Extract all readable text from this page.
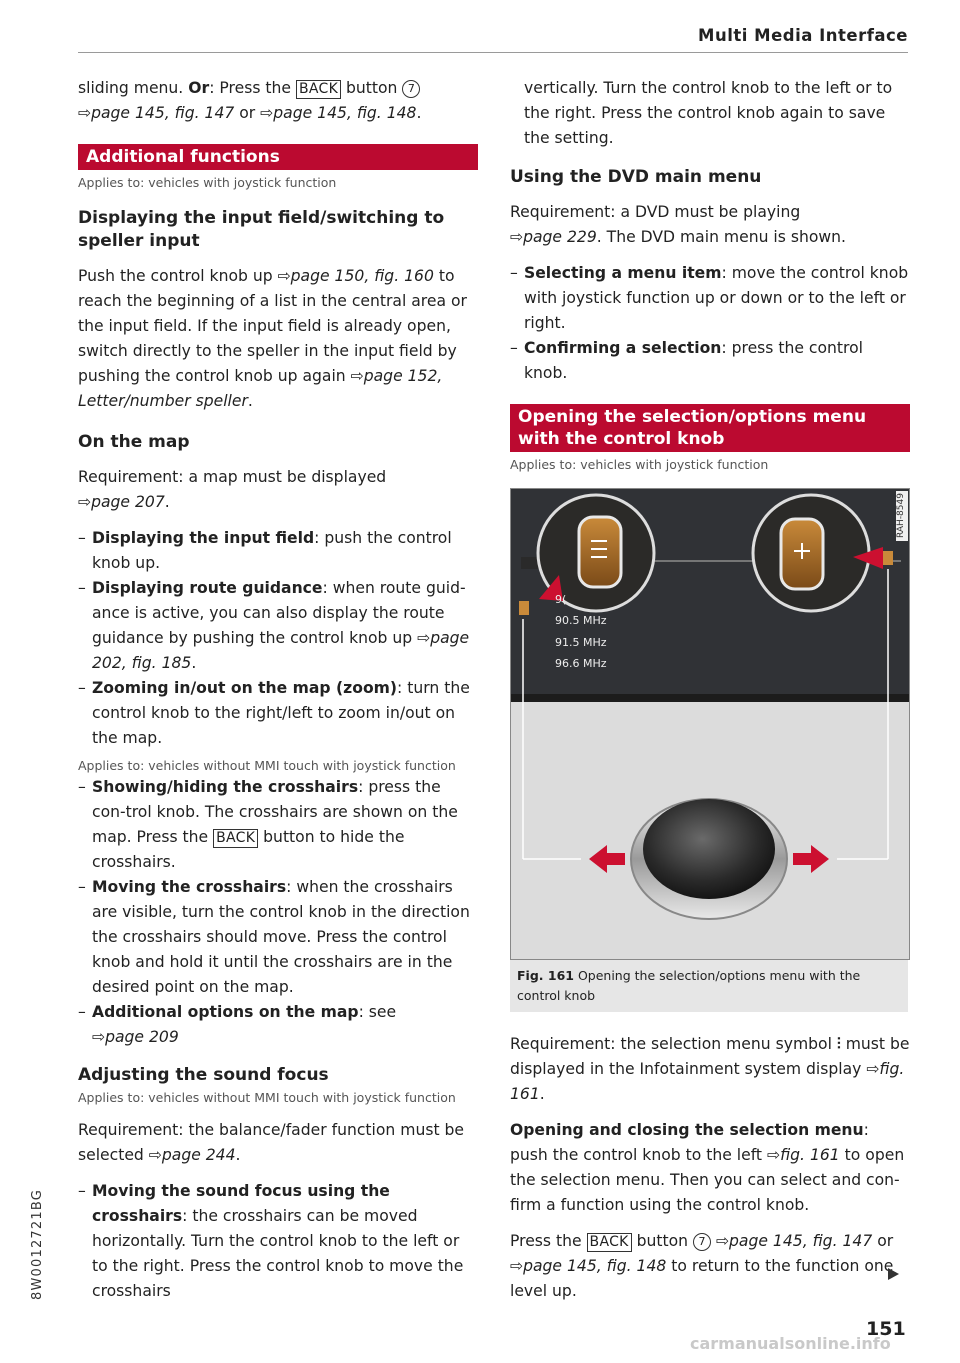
Multi Media Interface

sliding menu. Or: Press the BACK button 7
⇨page 145, fig. 147 or ⇨page 145, fig. 148.

Additional functions

Applies to: vehicles with joystick function

Displaying the input field/switching to speller input

Push the control knob up ⇨page 150, fig. 160 to reach the beginning of a list in the central area or the input field. If the input field is already open, switch directly to the speller in the input field by pushing the control knob up again ⇨page 152, Letter/number speller.

On the map

Requirement: a map must be displayed
⇨page 207.

– Displaying the input field: push the control knob up.

– Displaying route guidance: when route guid-ance is active, you can also display the route guidance by pushing the control knob up ⇨page 202, fig. 185.

– Zooming in/out on the map (zoom): turn the control knob to the right/left to zoom in/out on the map.

Applies to: vehicles without MMI touch with joystick function

– Showing/hiding the crosshairs: press the con-trol knob. The crosshairs are shown on the map. Press the BACK button to hide the crosshairs.

– Moving the crosshairs: when the crosshairs are visible, turn the control knob in the direction the crosshairs should move. Press the control knob and hold it until the crosshairs are in the desired point on the map.

– Additional options on the map: see
⇨page 209

Adjusting the sound focus

Applies to: vehicles without MMI touch with joystick function

Requirement: the balance/fader function must be selected ⇨page 244.

– Moving the sound focus using the crosshairs: the crosshairs can be moved horizontally. Turn the control knob to the left or to the right. Press the control knob to move the crosshairs

vertically. Turn the control knob to the left or to the right. Press the control knob again to save the setting.

Using the DVD main menu

Requirement: a DVD must be playing
⇨page 229. The DVD main menu is shown.

– Selecting a menu item: move the control knob with joystick function up or down or to the left or right.

– Confirming a selection: press the control knob.

Opening the selection/options menu with the control knob

Applies to: vehicles with joystick function

RAH-8549
9(
90.5 MHz
91.5 MHz
96.6 MHz
Fig. 161 Opening the selection/options menu with the control knob

Requirement: the selection menu symbol ⫶ must be displayed in the Infotainment system display ⇨fig. 161.

Opening and closing the selection menu: push the control knob to the left ⇨fig. 161 to open the selection menu. Then you can select and con-firm a function using the control knob.

Press the BACK button 7 ⇨page 145, fig. 147 or ⇨page 145, fig. 148 to return to the function one level up.

8W0012721BG
151
carmanualsonline.info
